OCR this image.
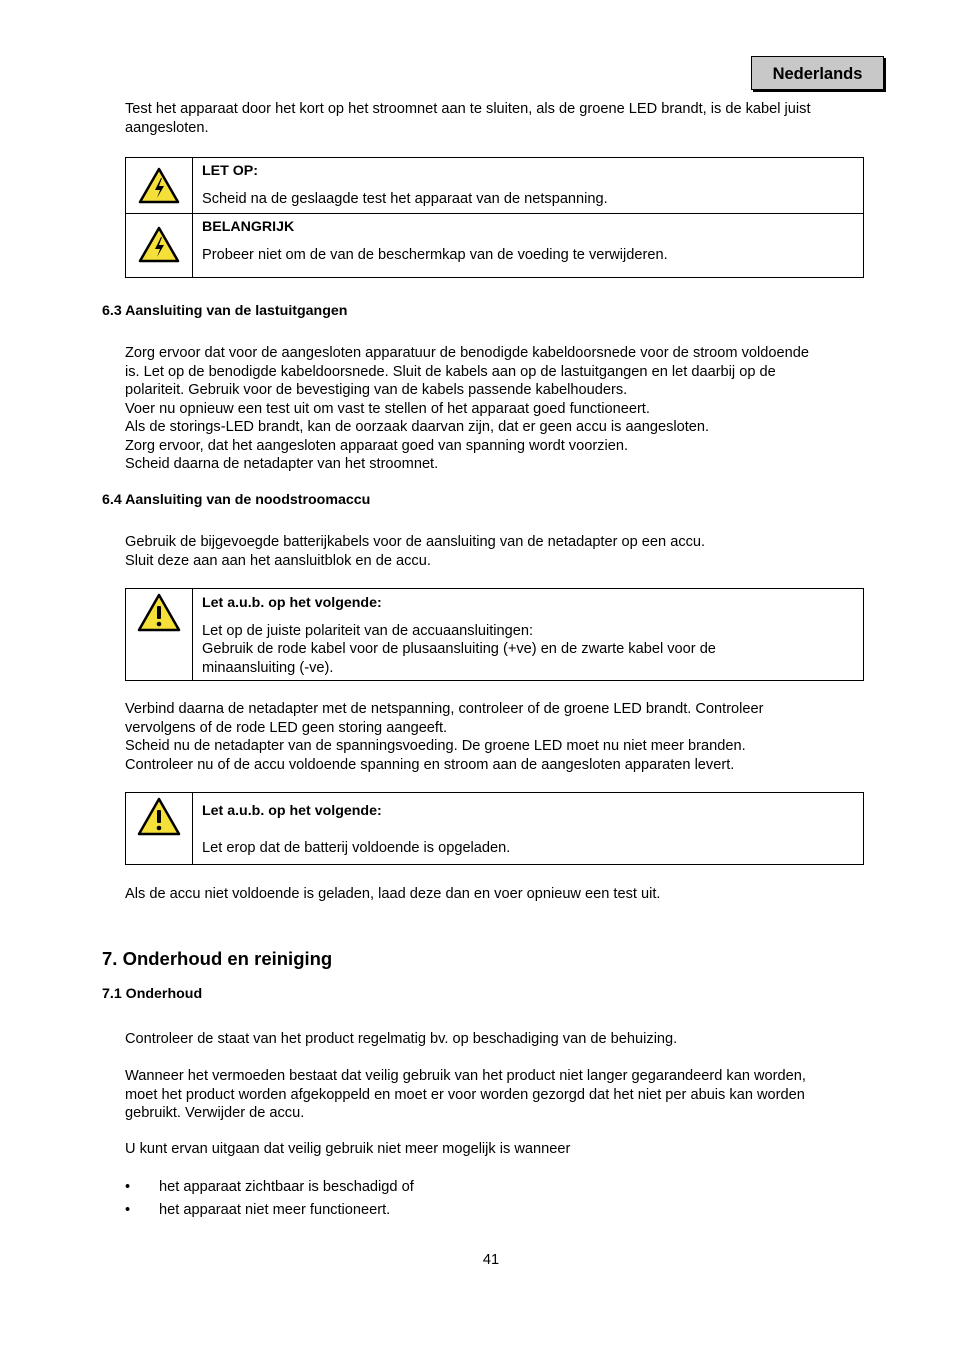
Nederlands
Test het apparaat door het kort op het stroomnet aan te sluiten, als de groene LED brandt, is de kabel juist aangesloten.

LET OP:
Scheid na de geslaagde test het apparaat van de netspanning.

BELANGRIJK
Probeer niet om de van de beschermkap van de voeding te verwijderen.
6.3 Aansluiting van de lastuitgangen
Zorg ervoor dat voor de aangesloten apparatuur de benodigde kabeldoorsnede voor de stroom voldoende
is. Let op de benodigde kabeldoorsnede. Sluit de kabels aan op de lastuitgangen en let daarbij op de
polariteit. Gebruik voor de bevestiging van de kabels passende kabelhouders.
Voer nu opnieuw een test uit om vast te stellen of het apparaat goed functioneert.
Als de storings-LED brandt, kan de oorzaak daarvan zijn, dat er geen accu is aangesloten.
Zorg ervoor, dat het aangesloten apparaat goed van spanning wordt voorzien.
Scheid daarna de netadapter van het stroomnet.
6.4 Aansluiting van de noodstroomaccu
Gebruik de bijgevoegde batterijkabels voor de aansluiting van de netadapter op een accu.
Sluit deze aan aan het aansluitblok en de accu.

Let a.u.b. op het volgende:
Let op de juiste polariteit van de accuaansluitingen:
Gebruik de rode kabel voor de plusaansluiting (+ve) en de zwarte kabel voor de
minaansluiting (-ve).
Verbind daarna de netadapter met de netspanning, controleer of de groene LED brandt. Controleer
vervolgens of de rode LED geen storing aangeeft.
Scheid nu de netadapter van de spanningsvoeding. De groene LED moet nu niet meer branden.
Controleer nu of de accu voldoende spanning en stroom aan de aangesloten apparaten levert.

Let a.u.b. op het volgende:
Let erop dat de batterij voldoende is opgeladen.
Als de accu niet voldoende is geladen, laad deze dan en voer opnieuw een test uit.
7. Onderhoud en reiniging
7.1 Onderhoud
Controleer de staat van het product regelmatig bv. op beschadiging van de behuizing.
Wanneer het vermoeden bestaat dat veilig gebruik van het product niet langer gegarandeerd kan worden,
moet het product worden afgekoppeld en moet er voor worden gezorgd dat het niet per abuis kan worden
gebruikt. Verwijder de accu.
U kunt ervan uitgaan dat veilig gebruik niet meer mogelijk is wanneer
• het apparaat zichtbaar is beschadigd of
• het apparaat niet meer functioneert.
41
